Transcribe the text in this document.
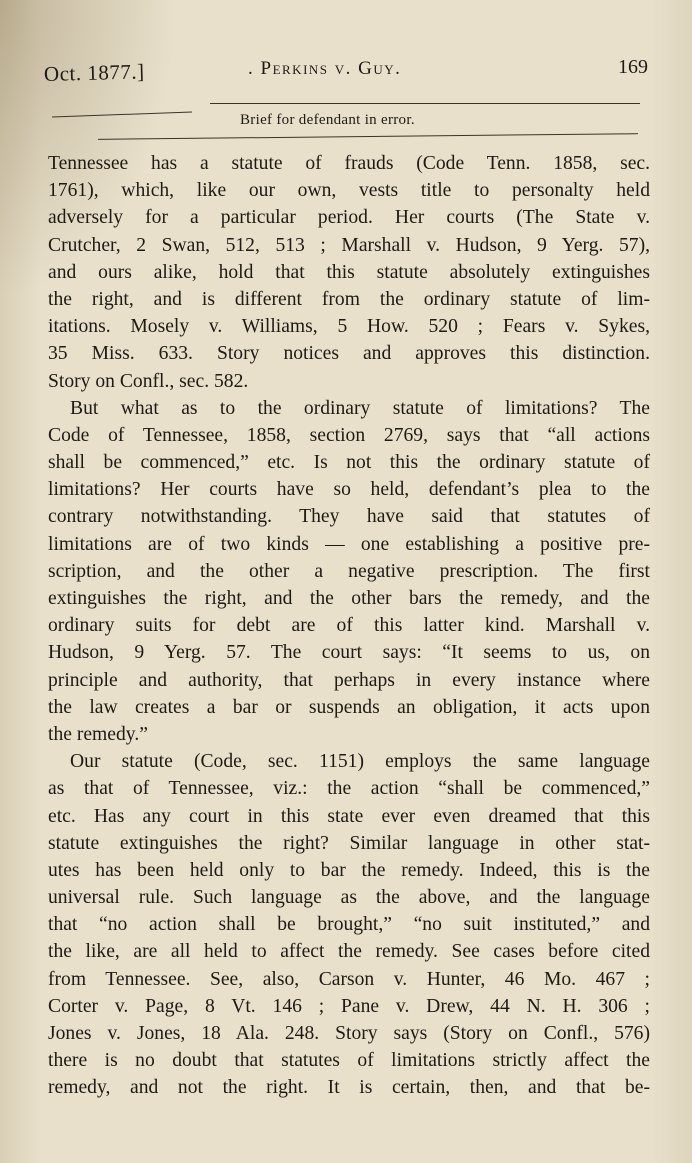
Oct. 1877.]	. Perkins v. Guy.	169
Brief for defendant in error.
Tennessee has a statute of frauds (Code Tenn. 1858, sec.
1761), which, like our own, vests title to personalty held
adversely for a particular period. Her courts (The State v.
Crutcher, 2 Swan, 512, 513 ; Marshall v. Hudson, 9 Yerg. 57),
and ours alike, hold that this statute absolutely extinguishes
the right, and is different from the ordinary statute of lim-
itations. Mosely v. Williams, 5 How. 520 ; Fears v. Sykes,
35 Miss. 633. Story notices and approves this distinction.
Story on Confl., sec. 582.
But what as to the ordinary statute of limitations? The
Code of Tennessee, 1858, section 2769, says that “all actions
shall be commenced,” etc. Is not this the ordinary statute of
limitations? Her courts have so held, defendant’s plea to the
contrary notwithstanding. They have said that statutes of
limitations are of two kinds — one establishing a positive pre-
scription, and the other a negative prescription. The first
extinguishes the right, and the other bars the remedy, and the
ordinary suits for debt are of this latter kind. Marshall v.
Hudson, 9 Yerg. 57. The court says: “It seems to us, on
principle and authority, that perhaps in every instance where
the law creates a bar or suspends an obligation, it acts upon
the remedy.”
Our statute (Code, sec. 1151) employs the same language
as that of Tennessee, viz.: the action “shall be commenced,”
etc. Has any court in this state ever even dreamed that this
statute extinguishes the right? Similar language in other stat-
utes has been held only to bar the remedy. Indeed, this is the
universal rule. Such language as the above, and the language
that “no action shall be brought,” “no suit instituted,” and
the like, are all held to affect the remedy. See cases before cited
from Tennessee. See, also, Carson v. Hunter, 46 Mo. 467 ;
Corter v. Page, 8 Vt. 146 ; Pane v. Drew, 44 N. H. 306 ;
Jones v. Jones, 18 Ala. 248. Story says (Story on Confl., 576)
there is no doubt that statutes of limitations strictly affect the
remedy, and not the right. It is certain, then, and that be-
